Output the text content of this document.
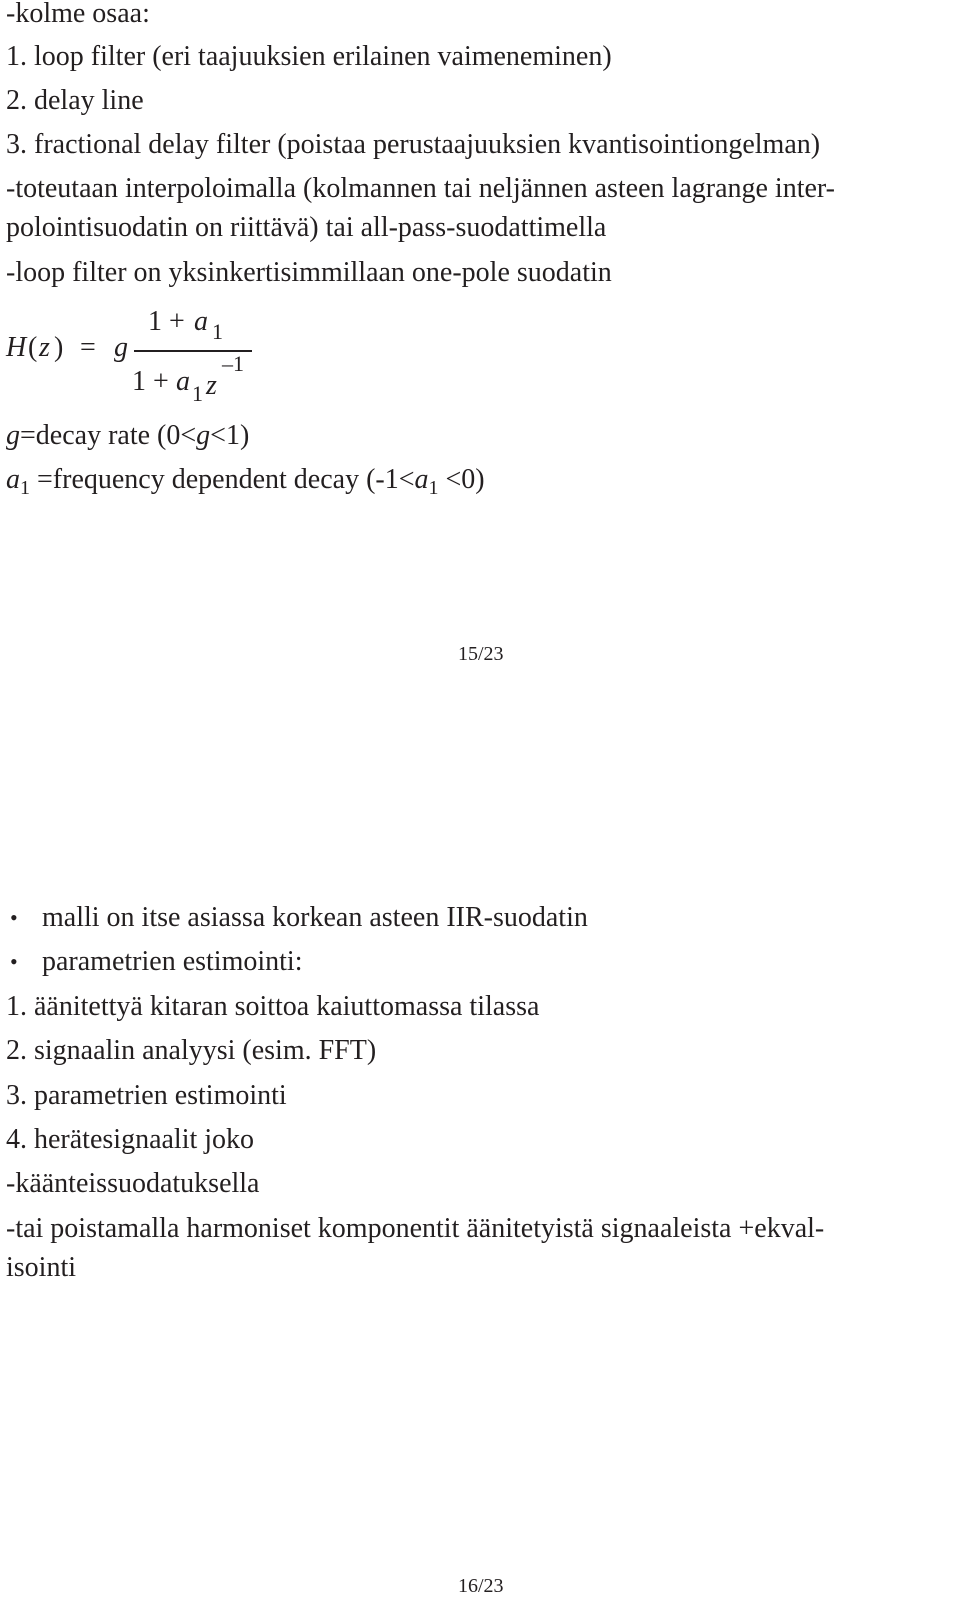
-kolme osaa:

1. loop filter (eri taajuuksien erilainen vaimeneminen)

2. delay line

3. fractional delay filter (poistaa perustaajuuksien kvantisointiongelman)

-toteutaan interpoloimalla (kolmannen tai neljännen asteen lagrange inter-

polointisuodatin on riittävä) tai all-pass-suodattimella

-loop filter on yksinkertisimmillaan one-pole suodatin

H ( z ) = g
1 + a 1
1 + a 1 z
–1

g=decay rate (0<g<1)

$a_1$ =frequency dependent decay $(-1<a_1 <0)$

15/23
• malli on itse asiassa korkean asteen IIR-suodatin

• parametrien estimointi:

1. äänitettyä kitaran soittoa kaiuttomassa tilassa

2. signaalin analyysi (esim. FFT)

3. parametrien estimointi

4. herätesignaalit joko

-käänteissuodatuksella

-tai poistamalla harmoniset komponentit äänitetyistä signaaleista +ekval-

isointi

16/23
